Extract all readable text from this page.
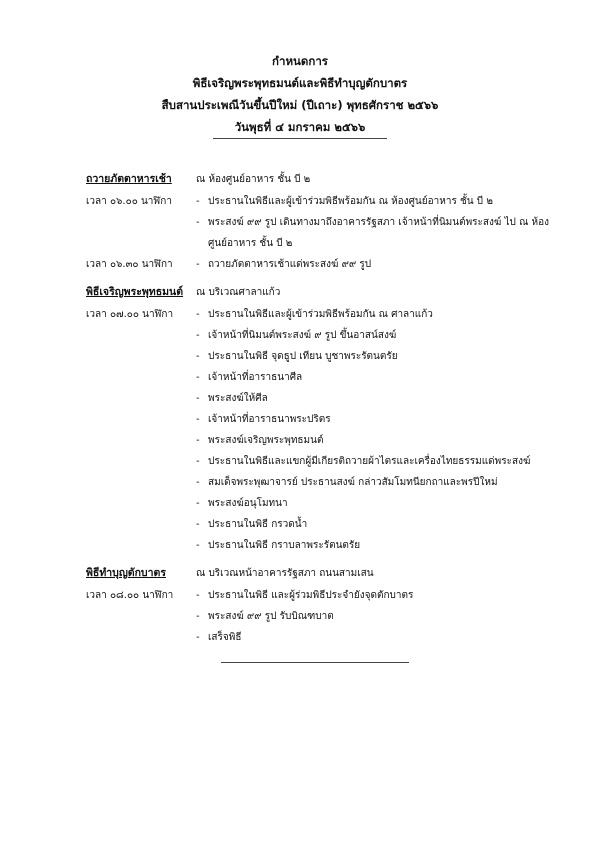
กำหนดการ
พิธีเจริญพระพุทธมนต์และพิธีทำบุญตักบาตร
สืบสานประเพณีวันขึ้นปีใหม่ (ปีเถาะ) พุทธศักราช ๒๕๖๖
วันพุธที่ ๔ มกราคม ๒๕๖๖
ถวายภัตตาหารเช้า	ณ ห้องศูนย์อาหาร ชั้น บี ๒
เวลา ๐๖.๐๐ นาฬิกา	- ประธานในพิธีและผู้เข้าร่วมพิธีพร้อมกัน ณ ห้องศูนย์อาหาร ชั้น บี ๒
- พระสงฆ์ ๙๙ รูป เดินทางมาถึงอาคารรัฐสภา เจ้าหน้าที่นิมนต์พระสงฆ์ ไป ณ ห้องศูนย์อาหาร ชั้น บี ๒
เวลา ๐๖.๓๐ นาฬิกา	- ถวายภัตตาหารเช้าแด่พระสงฆ์ ๙๙ รูป
พิธีเจริญพระพุทธมนต์	ณ บริเวณศาลาแก้ว
เวลา ๐๗.๐๐ นาฬิกา	- ประธานในพิธีและผู้เข้าร่วมพิธีพร้อมกัน ณ ศาลาแก้ว
- เจ้าหน้าที่นิมนต์พระสงฆ์ ๙ รูป ขึ้นอาสน์สงฆ์
- ประธานในพิธี จุดธูป เทียน บูชาพระรัตนตรัย
- เจ้าหน้าที่อาราธนาศีล
- พระสงฆ์ให้ศีล
- เจ้าหน้าที่อาราธนาพระปริตร
- พระสงฆ์เจริญพระพุทธมนต์
- ประธานในพิธีและแขกผู้มีเกียรติถวายผ้าไตรและเครื่องไทยธรรมแด่พระสงฆ์
- สมเด็จพระพุฒาจารย์ ประธานสงฆ์ กล่าวสัมโมทนียกถาและพรปีใหม่
- พระสงฆ์อนุโมทนา
- ประธานในพิธี กรวดน้ำ
- ประธานในพิธี กราบลาพระรัตนตรัย
พิธีทำบุญตักบาตร	ณ บริเวณหน้าอาคารรัฐสภา ถนนสามเสน
เวลา ๐๘.๐๐ นาฬิกา	- ประธานในพิธี และผู้ร่วมพิธีประจำยังจุดตักบาตร
- พระสงฆ์ ๙๙ รูป รับบิณฑบาต
- เสร็จพิธี
